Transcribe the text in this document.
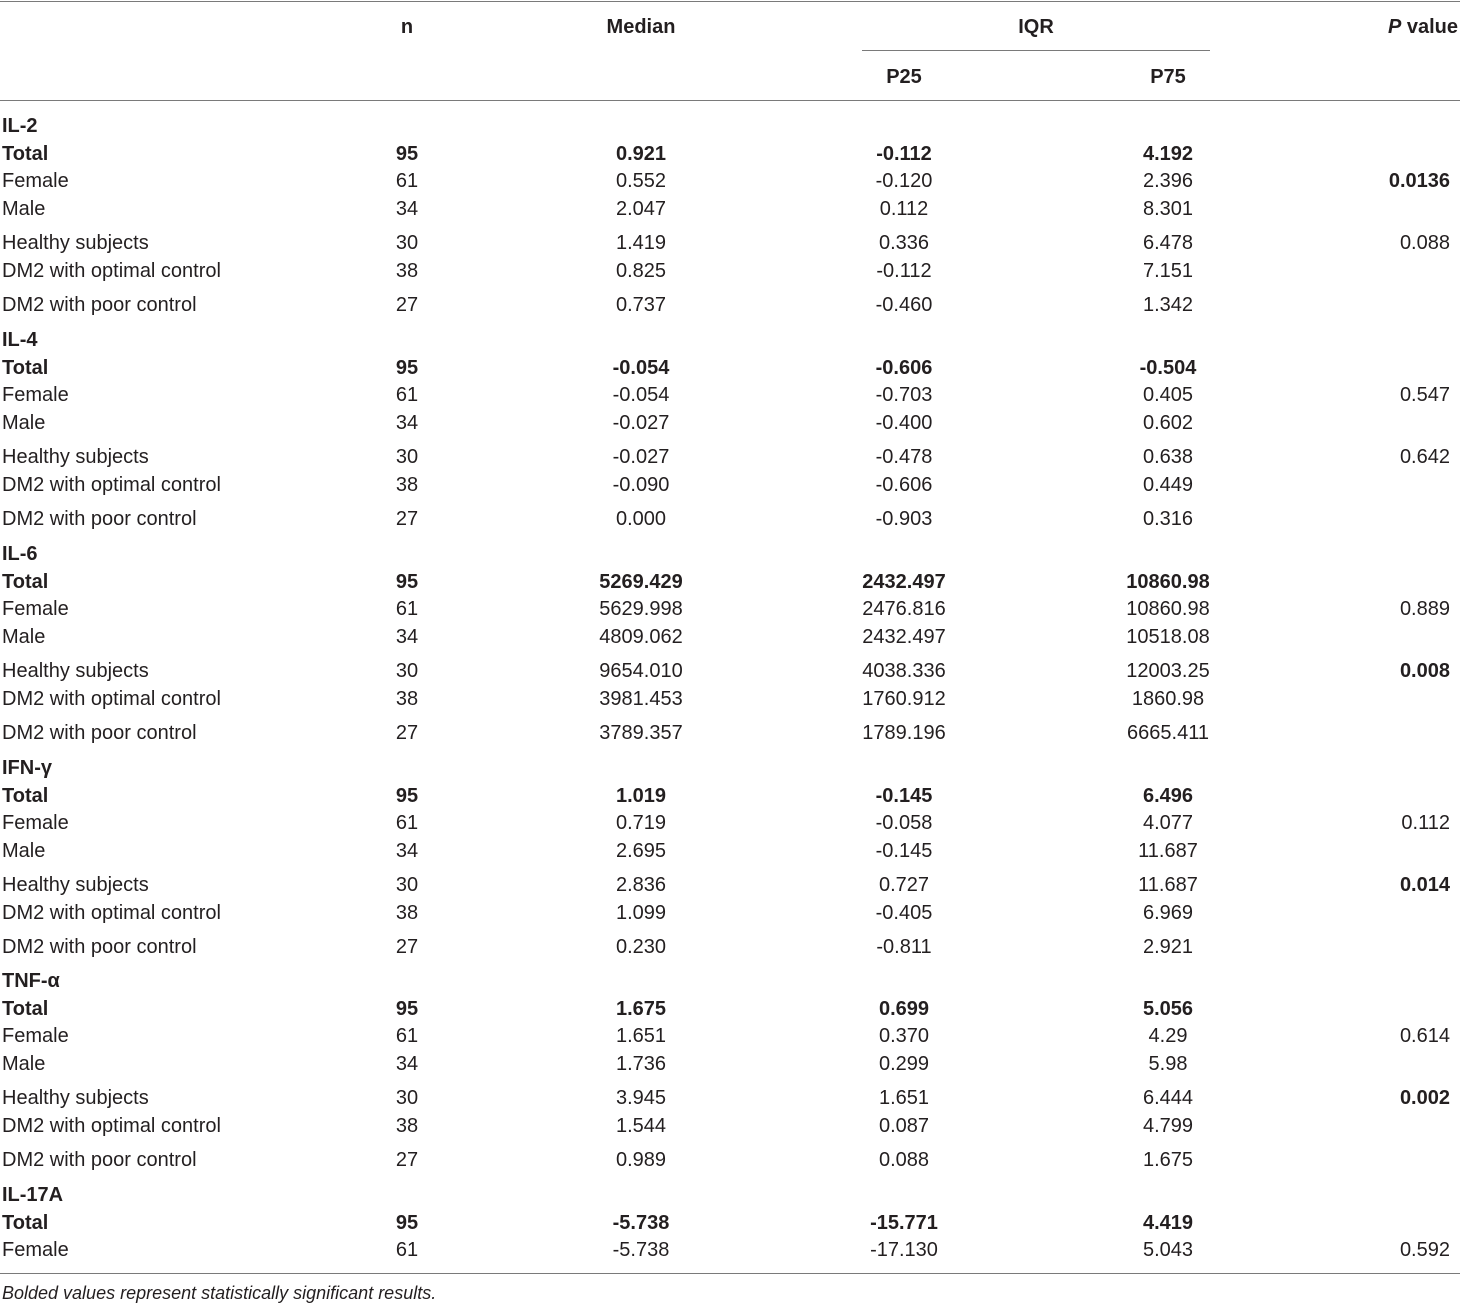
n	Median	IQR
P25	P75
P value
IL-2
Total	95	0.921	-0.112	4.192
Female	61	0.552	-0.120	2.396	0.0136
Male	34	2.047	0.112	8.301
Healthy subjects	30	1.419	0.336	6.478	0.088
DM2 with optimal control	38	0.825	-0.112	7.151
DM2 with poor control	27	0.737	-0.460	1.342
IL-4
Total	95	-0.054	-0.606	-0.504
Female	61	-0.054	-0.703	0.405	0.547
Male	34	-0.027	-0.400	0.602
Healthy subjects	30	-0.027	-0.478	0.638	0.642
DM2 with optimal control	38	-0.090	-0.606	0.449
DM2 with poor control	27	0.000	-0.903	0.316
IL-6
Total	95	5269.429	2432.497	10860.98
Female	61	5629.998	2476.816	10860.98	0.889
Male	34	4809.062	2432.497	10518.08
Healthy subjects	30	9654.010	4038.336	12003.25	0.008
DM2 with optimal control	38	3981.453	1760.912	1860.98
DM2 with poor control	27	3789.357	1789.196	6665.411
IFN-γ
Total	95	1.019	-0.145	6.496
Female	61	0.719	-0.058	4.077	0.112
Male	34	2.695	-0.145	11.687
Healthy subjects	30	2.836	0.727	11.687	0.014
DM2 with optimal control	38	1.099	-0.405	6.969
DM2 with poor control	27	0.230	-0.811	2.921
TNF-α
Total	95	1.675	0.699	5.056
Female	61	1.651	0.370	4.29	0.614
Male	34	1.736	0.299	5.98
Healthy subjects	30	3.945	1.651	6.444	0.002
DM2 with optimal control	38	1.544	0.087	4.799
DM2 with poor control	27	0.989	0.088	1.675
IL-17A
Total	95	-5.738	-15.771	4.419
Female	61	-5.738	-17.130	5.043	0.592
Bolded values represent statistically significant results.
